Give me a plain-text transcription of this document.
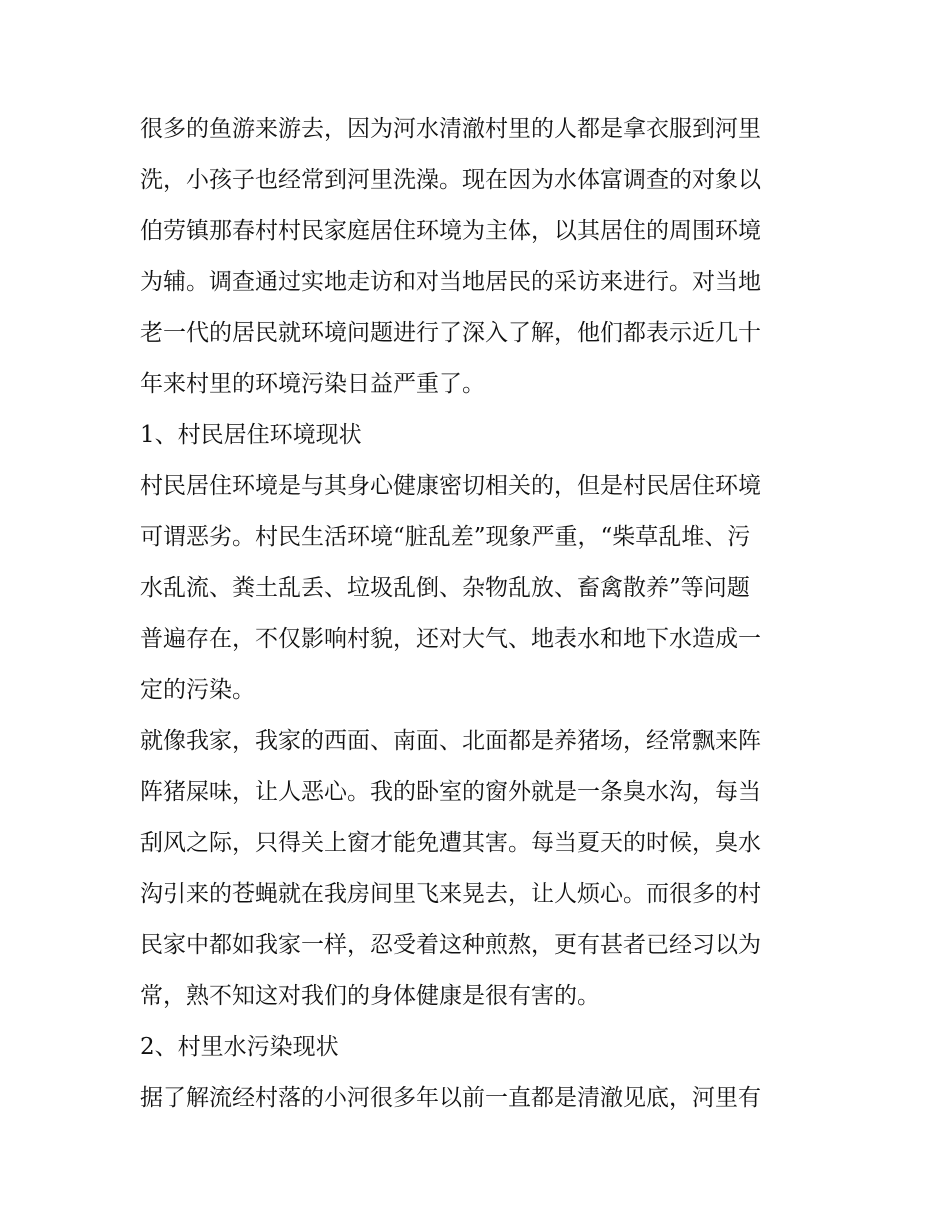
很多的鱼游来游去，因为河水清澈村里的人都是拿衣服到河里
洗，小孩子也经常到河里洗澡。现在因为水体富调查的对象以
伯劳镇那春村村民家庭居住环境为主体，以其居住的周围环境
为辅。调查通过实地走访和对当地居民的采访来进行。对当地
老一代的居民就环境问题进行了深入了解，他们都表示近几十
年来村里的环境污染日益严重了。
1、村民居住环境现状
村民居住环境是与其身心健康密切相关的，但是村民居住环境
可谓恶劣。村民生活环境“脏乱差”现象严重，“柴草乱堆、污
水乱流、粪土乱丢、垃圾乱倒、杂物乱放、畜禽散养”等问题
普遍存在，不仅影响村貌，还对大气、地表水和地下水造成一
定的污染。
就像我家，我家的西面、南面、北面都是养猪场，经常飘来阵
阵猪屎味，让人恶心。我的卧室的窗外就是一条臭水沟，每当
刮风之际，只得关上窗才能免遭其害。每当夏天的时候，臭水
沟引来的苍蝇就在我房间里飞来晃去，让人烦心。而很多的村
民家中都如我家一样，忍受着这种煎熬，更有甚者已经习以为
常，熟不知这对我们的身体健康是很有害的。
2、村里水污染现状
据了解流经村落的小河很多年以前一直都是清澈见底，河里有
